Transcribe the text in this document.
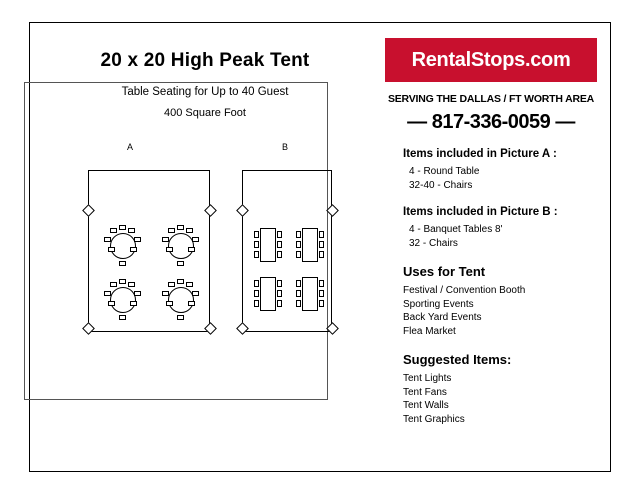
20 x 20 High Peak Tent
Table Seating for Up to 40 Guest
400 Square Foot
A	B
RentalStops.com
SERVING THE DALLAS / FT WORTH AREA
— 817-336-0059 —
Items included in Picture A :
4 - Round Table
32-40 - Chairs
Items included in Picture B :
4 - Banquet Tables 8'
32 - Chairs
Uses for Tent
Festival / Convention Booth
Sporting Events
Back Yard Events
Flea Market
Suggested Items:
Tent Lights
Tent Fans
Tent Walls
Tent Graphics
